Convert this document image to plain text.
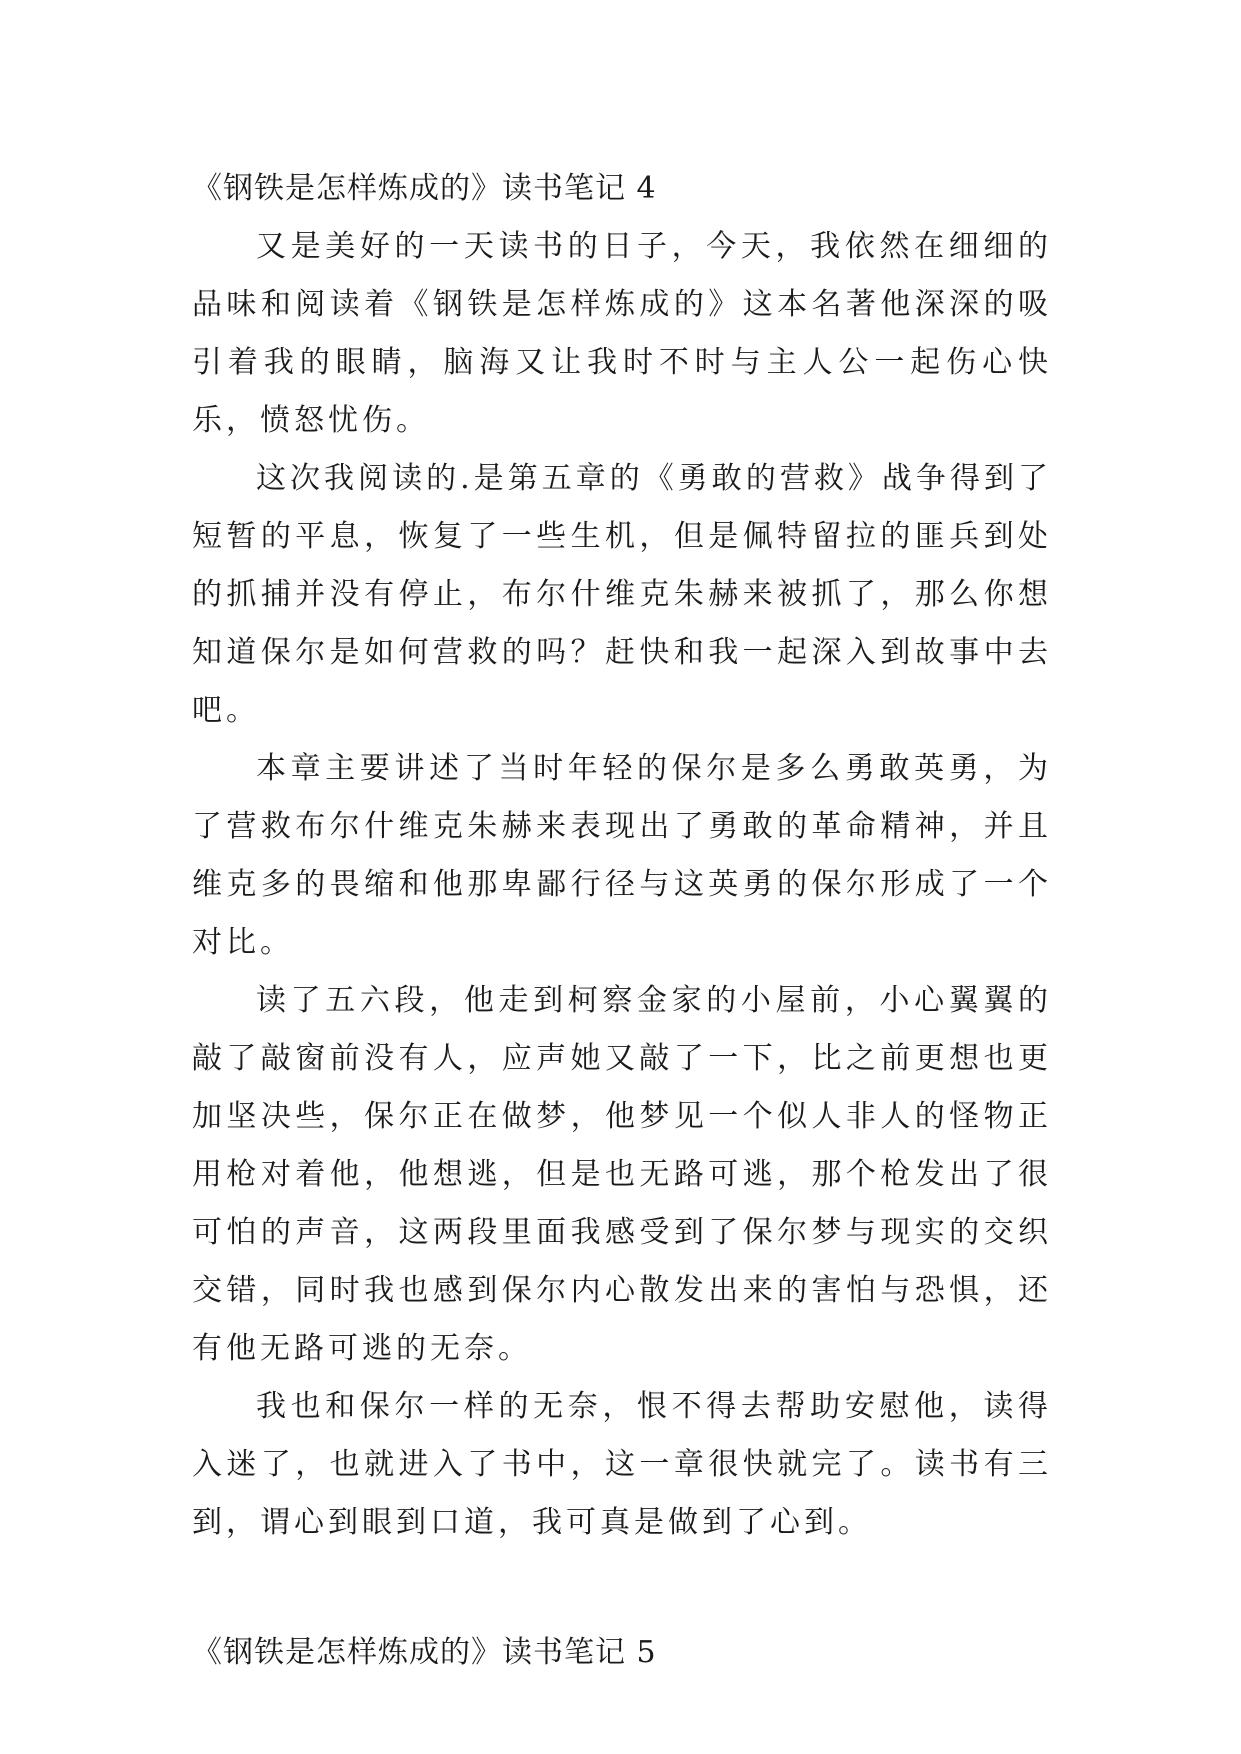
《钢铁是怎样炼成的》读书笔记 4

又是美好的一天读书的日子，今天，我依然在细细的品味和阅读着《钢铁是怎样炼成的》这本名著他深深的吸引着我的眼睛，脑海又让我时不时与主人公一起伤心快乐，愤怒忧伤。

这次我阅读的.是第五章的《勇敢的营救》战争得到了短暂的平息，恢复了一些生机，但是佩特留拉的匪兵到处的抓捕并没有停止，布尔什维克朱赫来被抓了，那么你想知道保尔是如何营救的吗？赶快和我一起深入到故事中去吧。

本章主要讲述了当时年轻的保尔是多么勇敢英勇，为了营救布尔什维克朱赫来表现出了勇敢的革命精神，并且维克多的畏缩和他那卑鄙行径与这英勇的保尔形成了一个对比。

读了五六段，他走到柯察金家的小屋前，小心翼翼的敲了敲窗前没有人，应声她又敲了一下，比之前更想也更加坚决些，保尔正在做梦，他梦见一个似人非人的怪物正用枪对着他，他想逃，但是也无路可逃，那个枪发出了很可怕的声音，这两段里面我感受到了保尔梦与现实的交织交错，同时我也感到保尔内心散发出来的害怕与恐惧，还有他无路可逃的无奈。

我也和保尔一样的无奈，恨不得去帮助安慰他，读得入迷了，也就进入了书中，这一章很快就完了。读书有三到，谓心到眼到口道，我可真是做到了心到。

《钢铁是怎样炼成的》读书笔记 5
